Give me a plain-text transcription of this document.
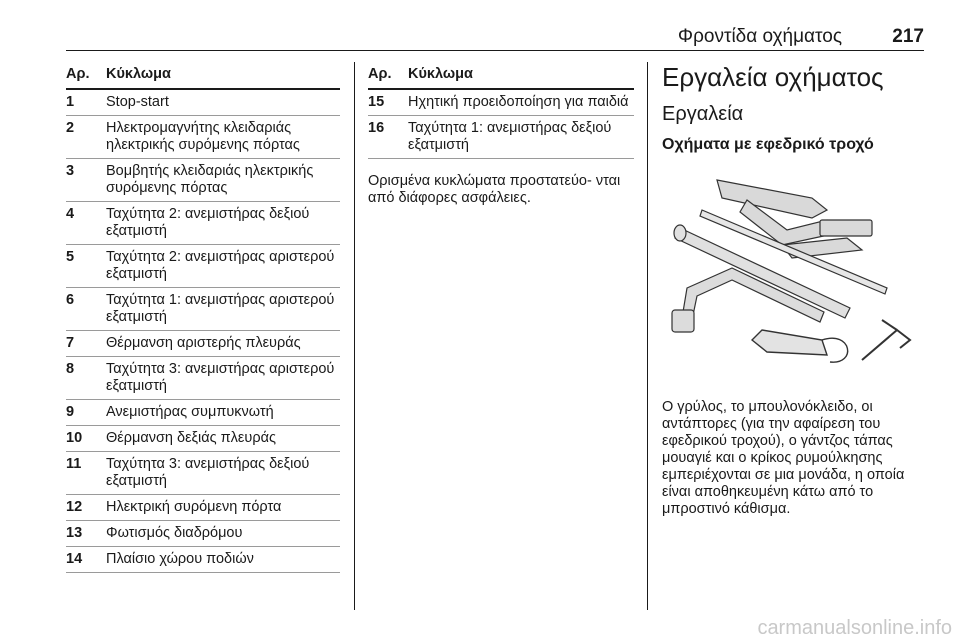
Φροντίδα οχήματος	217
Αρ.	Κύκλωμα
1	Stop-start
2	Ηλεκτρομαγνήτης κλειδαριάς ηλεκτρικής συρόμενης πόρτας
3	Βομβητής κλειδαριάς ηλεκτρικής συρόμενης πόρτας
4	Ταχύτητα 2: ανεμιστήρας δεξιού εξατμιστή
5	Ταχύτητα 2: ανεμιστήρας αριστερού εξατμιστή
6	Ταχύτητα 1: ανεμιστήρας αριστερού εξατμιστή
7	Θέρμανση αριστερής πλευράς
8	Ταχύτητα 3: ανεμιστήρας αριστερού εξατμιστή
9	Ανεμιστήρας συμπυκνωτή
10	Θέρμανση δεξιάς πλευράς
11	Ταχύτητα 3: ανεμιστήρας δεξιού εξατμιστή
12	Ηλεκτρική συρόμενη πόρτα
13	Φωτισμός διαδρόμου
14	Πλαίσιο χώρου ποδιών
Αρ.	Κύκλωμα
15	Ηχητική προειδοποίηση για παιδιά
16	Ταχύτητα 1: ανεμιστήρας δεξιού εξατμιστή
Ορισμένα κυκλώματα προστατεύο- νται από διάφορες ασφάλειες.
Εργαλεία οχήματος
Εργαλεία
Οχήματα με εφεδρικό τροχό
Ο γρύλος, το μπουλονόκλειδο, οι αντάπτορες (για την αφαίρεση του εφεδρικού τροχού), ο γάντζος τάπας μουαγιέ και ο κρίκος ρυμούλκησης εμπεριέχονται σε μια μονάδα, η οποία είναι αποθηκευμένη κάτω από το μπροστινό κάθισμα.
carmanualsonline.info
